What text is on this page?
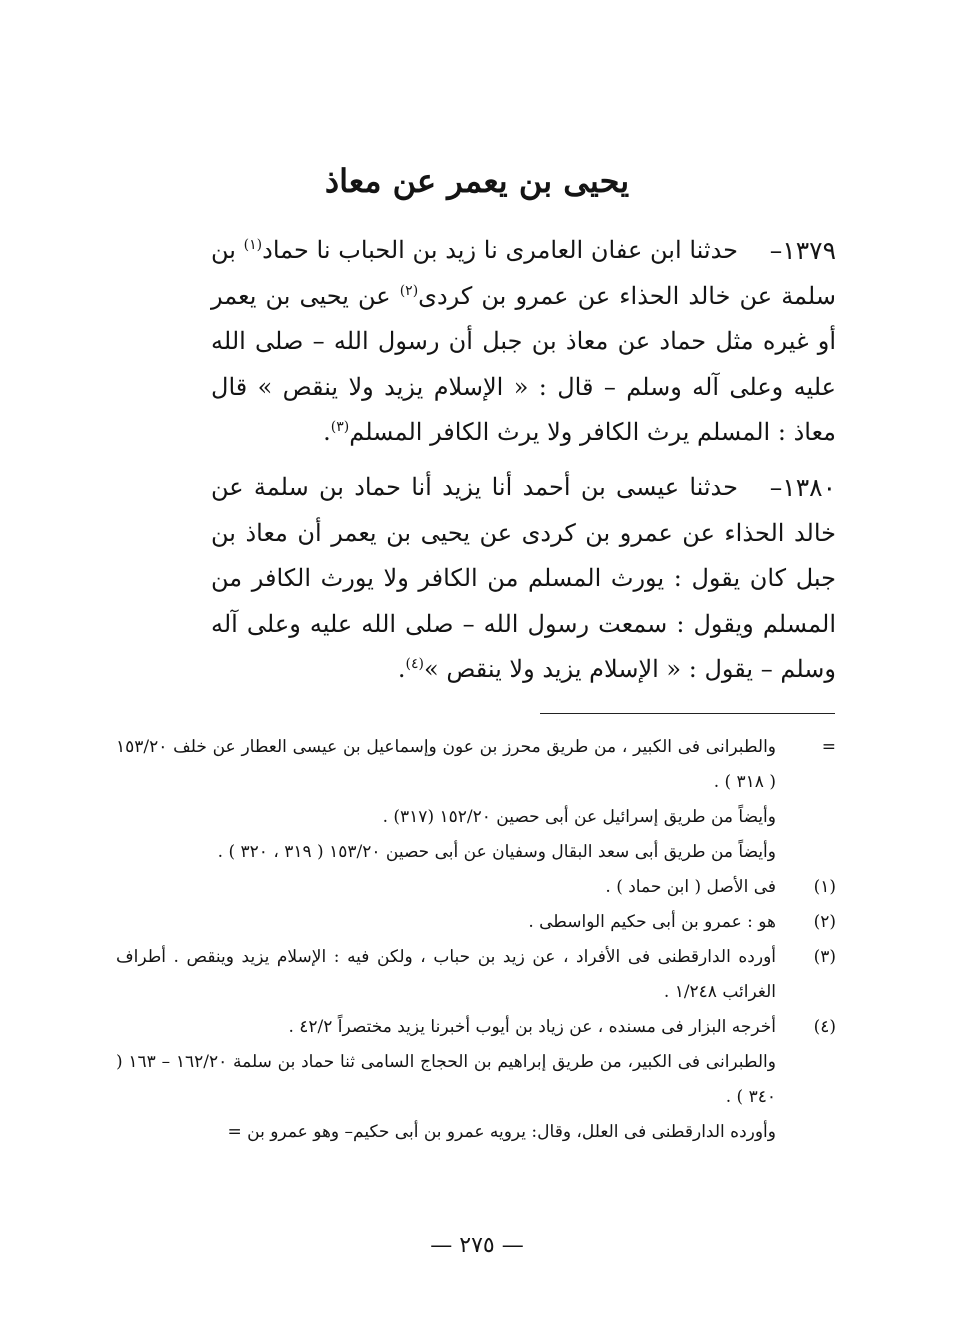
يحيى بن يعمر عن معاذ
١٣٧٩–

حدثنا ابن عفان العامرى نا زيد بن الحباب نا حماد$^{(١)}$ بن سلمة عن خالد الحذاء عن عمرو بن كردى$^{(٢)}$ عن يحيى بن يعمر أو غيره مثل حماد عن معاذ بن جبل أن رسول الله – صلى الله عليه وعلى آله وسلم – قال : « الإسلام يزيد ولا ينقص » قال معاذ : المسلم يرث الكافر ولا يرث الكافر المسلم$^{(٣)}$.

١٣٨٠–

حدثنا عيسى بن أحمد أنا يزيد أنا حماد بن سلمة عن خالد الحذاء عن عمرو بن كردى عن يحيى بن يعمر أن معاذ بن جبل كان يقول : يورث المسلم من الكافر ولا يورث الكافر من المسلم ويقول : سمعت رسول الله – صلى الله عليه وعلى آله وسلم – يقول : « الإسلام يزيد ولا ينقص »$^{(٤)}$.

=
والطبرانى فى الكبير ، من طريق محرز بن عون وإسماعيل بن عيسى العطار عن خلف ١٥٣/٢٠ ( ٣١٨ ) .
وأيضاً من طريق إسرائيل عن أبى حصين ١٥٢/٢٠ (٣١٧) .
وأيضاً من طريق أبى سعد البقال وسفيان عن أبى حصين ١٥٣/٢٠ ( ٣١٩ ، ٣٢٠ ) .
(١)
فى الأصل ( ابن حماد ) .
(٢)
هو : عمرو بن أبى حكيم الواسطى .
(٣)
أورده الدارقطنى فى الأفراد ، عن زيد بن حباب ، ولكن فيه : الإسلام يزيد وينقص . أطراف الغرائب ١/٢٤٨ .
(٤)
أخرجه البزار فى مسنده ، عن زياد بن أيوب أخبرنا يزيد مختصراً ٤٢/٢ .
والطبرانى فى الكبير، من طريق إبراهيم بن الحجاج السامى ثنا حماد بن سلمة ١٦٢/٢٠ – ١٦٣ ( ٣٤٠ ) .
وأورده الدارقطنى فى العلل، وقال: يرويه عمرو بن أبى حكيم– وهو عمرو بن =
— ٢٧٥ —
